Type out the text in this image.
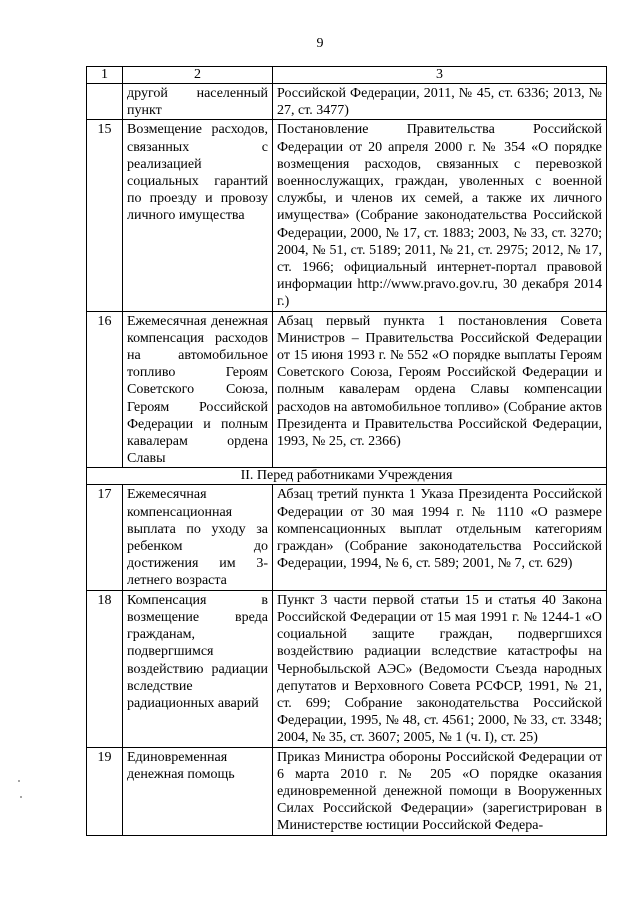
9
1	2	3
	другой населенный пункт	Российской Федерации, 2011, № 45, ст. 6336; 2013, № 27, ст. 3477)
15	Возмещение расходов, связанных с реализацией социальных гарантий по проезду и провозу личного имущества	Постановление Правительства Российской Федерации от 20 апреля 2000 г. № 354 «О порядке возмещения расходов, связанных с перевозкой военнослужащих, граждан, уволенных с военной службы, и членов их семей, а также их личного имущества» (Собрание законодательства Российской Федерации, 2000, № 17, ст. 1883; 2003, № 33, ст. 3270; 2004, № 51, ст. 5189; 2011, № 21, ст. 2975; 2012, № 17, ст. 1966; официальный интернет-портал правовой информации http://www.pravo.gov.ru, 30 декабря 2014 г.)
16	Ежемесячная денежная компенсация расходов на автомобильное топливо Героям Советского Союза, Героям Российской Федерации и полным кавалерам ордена Славы	Абзац первый пункта 1 постановления Совета Министров – Правительства Российской Федерации от 15 июня 1993 г. № 552 «О порядке выплаты Героям Советского Союза, Героям Российской Федерации и полным кавалерам ордена Славы компенсации расходов на автомобильное топливо» (Собрание актов Президента и Правительства Российской Федерации, 1993, № 25, ст. 2366)
II. Перед работниками Учреждения		
17	Ежемесячная компенсационная выплата по уходу за ребенком до достижения им 3-летнего возраста	Абзац третий пункта 1 Указа Президента Российской Федерации от 30 мая 1994 г. № 1110 «О размере компенсационных выплат отдельным категориям граждан» (Собрание законодательства Российской Федерации, 1994, № 6, ст. 589; 2001, № 7, ст. 629)
18	Компенсация в возмещение вреда гражданам, подвергшимся воздействию радиации вследствие радиационных аварий	Пункт 3 части первой статьи 15 и статья 40 Закона Российской Федерации от 15 мая 1991 г. № 1244-1 «О социальной защите граждан, подвергшихся воздействию радиации вследствие катастрофы на Чернобыльской АЭС» (Ведомости Съезда народных депутатов и Верховного Совета РСФСР, 1991, № 21, ст. 699; Собрание законодательства Российской Федерации, 1995, № 48, ст. 4561; 2000, № 33, ст. 3348; 2004, № 35, ст. 3607; 2005, № 1 (ч. I), ст. 25)
19	Единовременная денежная помощь	Приказ Министра обороны Российской Федерации от 6 марта 2010 г. № 205 «О порядке оказания единовременной денежной помощи в Вооруженных Силах Российской Федерации» (зарегистрирован в Министерстве юстиции Российской Федера-
